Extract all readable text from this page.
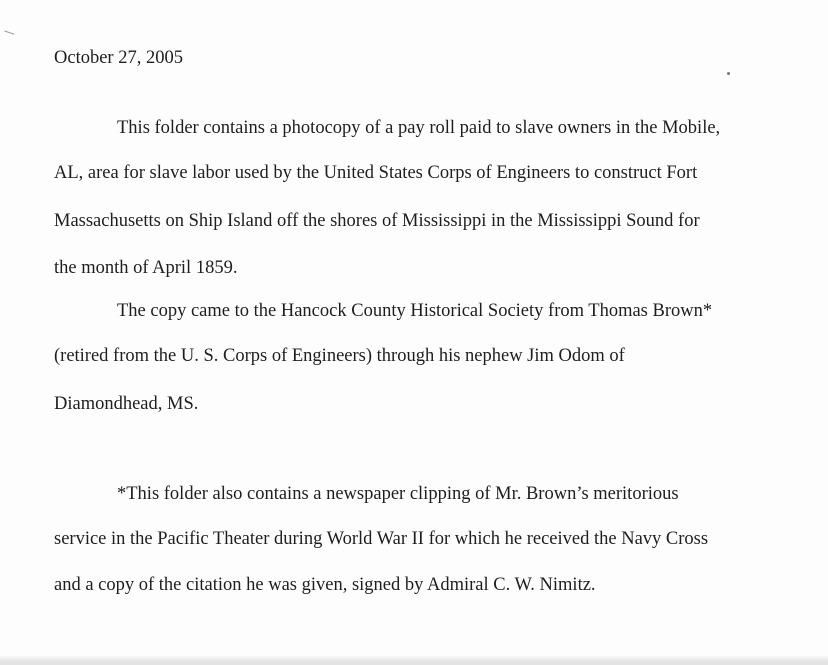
October 27, 2005
This folder contains a photocopy of a pay roll paid to slave owners in the Mobile,
AL, area for slave labor used by the United States Corps of Engineers to construct Fort
Massachusetts on Ship Island off the shores of Mississippi in the Mississippi Sound for
the month of April 1859.
The copy came to the Hancock County Historical Society from Thomas Brown*
(retired from the U. S. Corps of Engineers) through his nephew Jim Odom of
Diamondhead, MS.
*This folder also contains a newspaper clipping of Mr. Brown’s meritorious
service in the Pacific Theater during World War II for which he received the Navy Cross
and a copy of the citation he was given, signed by Admiral C. W. Nimitz.
